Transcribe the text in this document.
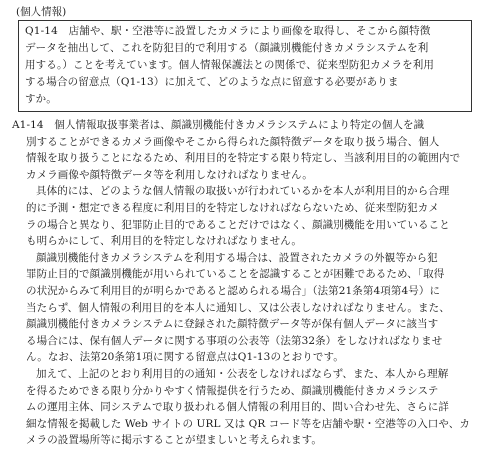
(個人情報)
Q1-14　店舗や、駅・空港等に設置したカメラにより画像を取得し、そこから顔特徴
データを抽出して、これを防犯目的で利用する（顔識別機能付きカメラシステムを利
用する。）ことを考えています。個人情報保護法との関係で、従来型防犯カメラを利用
する場合の留意点（Q1-13）に加えて、どのような点に留意する必要がありま
すか。
A1-14　個人情報取扱事業者は、顔識別機能付きカメラシステムにより特定の個人を識
別することができるカメラ画像やそこから得られた顔特徴データを取り扱う場合、個人
情報を取り扱うことになるため、利用目的を特定する限り特定し、当該利用目的の範囲内で
カメラ画像や顔特徴データ等を利用しなければなりません。
具体的には、どのような個人情報の取扱いが行われているかを本人が利用目的から合理
的に予測・想定できる程度に利用目的を特定しなければならないため、従来型防犯カメ
ラの場合と異なり、犯罪防止目的であることだけではなく、顔識別機能を用いていること
も明らかにして、利用目的を特定しなければなりません。
顔識別機能付きカメラシステムを利用する場合は、設置されたカメラの外観等から犯
罪防止目的で顔識別機能が用いられていることを認識することが困難であるため、「取得
の状況からみて利用目的が明らかであると認められる場合」（法第21条第4項第4号）に
当たらず、個人情報の利用目的を本人に通知し、又は公表しなければなりません。また、
顔識別機能付きカメラシステムに登録された顔特徴データ等が保有個人データに該当す
る場合には、保有個人データに関する事項の公表等（法第32条）をしなければなりませ
ん。なお、法第20条第1項に関する留意点はQ1-13のとおりです。
加えて、上記のとおり利用目的の通知・公表をしなければならず、また、本人から理解
を得るためできる限り分かりやすく情報提供を行うため、顔識別機能付きカメラシステ
ムの運用主体、同システムで取り扱われる個人情報の利用目的、問い合わせ先、さらに詳
細な情報を掲載した Web サイトの URL 又は QR コード等を店舗や駅・空港等の入口や、カ
メラの設置場所等に掲示することが望ましいと考えられます。
